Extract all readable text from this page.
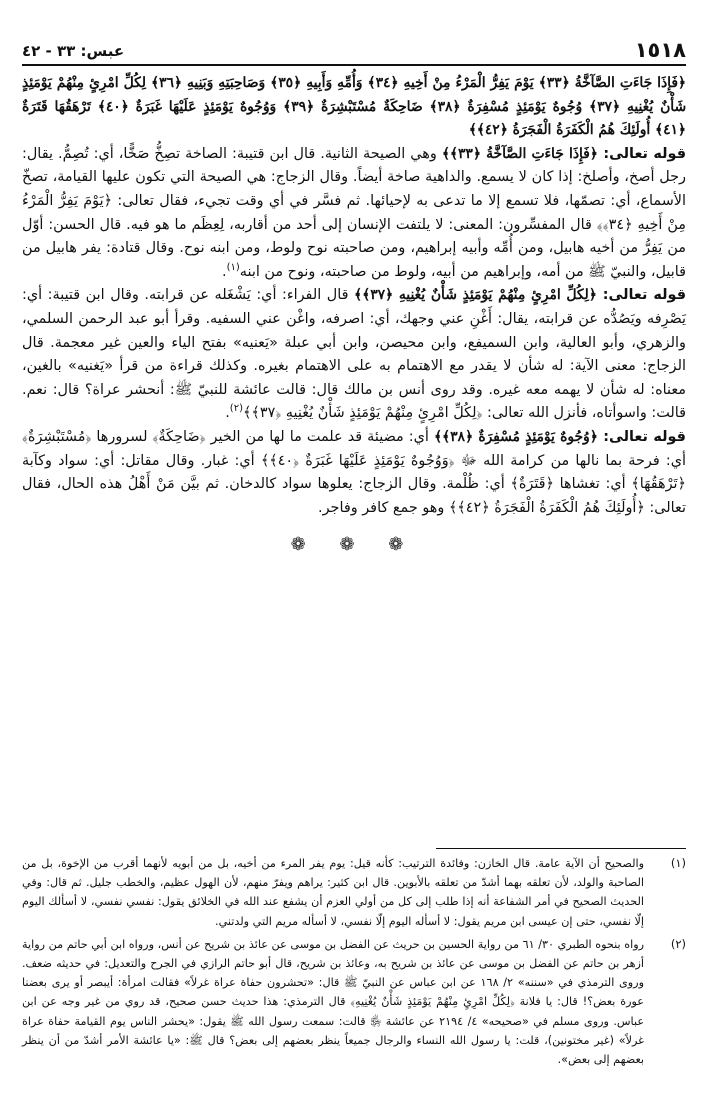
١٥١٨
عبس: ٣٣ - ٤٢

﴿فَإِذَا جَاءَتِ الصَّآخَّةُ ﴿٣٣﴾ يَوْمَ يَفِرُّ الْمَرْءُ مِنْ أَخِيهِ ﴿٣٤﴾ وَأُمِّهِ وَأَبِيهِ ﴿٣٥﴾ وَصَاحِبَتِهِ وَبَنِيهِ ﴿٣٦﴾ لِكُلِّ امْرِئٍ مِنْهُمْ يَوْمَئِذٍ شَأْنٌ يُغْنِيهِ ﴿٣٧﴾ وُجُوهٌ يَوْمَئِذٍ مُسْفِرَةٌ ﴿٣٨﴾ ضَاحِكَةٌ مُسْتَبْشِرَةٌ ﴿٣٩﴾ وَوُجُوهٌ يَوْمَئِذٍ عَلَيْهَا غَبَرَةٌ ﴿٤٠﴾ تَرْهَقُهَا قَتَرَةٌ ﴿٤١﴾ أُولَئِكَ هُمُ الْكَفَرَةُ الْفَجَرَةُ ﴿٤٢﴾﴾

قوله تعالى: ﴿فَإِذَا جَاءَتِ الصَّآخَّةُ ﴿٣٣﴾﴾ وهي الصيحة الثانية. قال ابن قتيبة: الصاخة تصِخُّ صَخًّا، أي: تُصِمُّ. يقال: رجل أصخ، وأصلخ: إذا كان لا يسمع. والداهية صاخة أيضاً. وقال الزجاج: هي الصيحة التي تكون عليها القيامة، تصخّ الأسماع، أي: تصمّها، فلا تسمع إلا ما تدعى به لإحيائها. ثم فسَّر في أي وقت تجيء، فقال تعالى: ﴿يَوْمَ يَفِرُّ الْمَرْءُ مِنْ أَخِيهِ ﴿٣٤﴾﴾ قال المفسِّرون: المعنى: لا يلتفت الإنسان إلى أحد من أقاربه، لِعِظَم ما هو فيه. قال الحسن: أوّل من يَفِرُّ من أخيه هابيل، ومن أُمِّه وأبيه إبراهيم، ومن صاحبته نوح ولوط، ومن ابنه نوح. وقال قتادة: يفر هابيل من قابيل، والنبيّ ﷺ من أمه، وإبراهيم من أبيه، ولوط من صاحبته، ونوح من ابنه$^{(١)}$.

قوله تعالى: ﴿لِكُلِّ امْرِئٍ مِنْهُمْ يَوْمَئِذٍ شَأْنٌ يُغْنِيهِ ﴿٣٧﴾﴾ قال الفراء: أي: يَشْغَله عن قرابته. وقال ابن قتيبة: أي: يَصْرِفه ويَصُدُّه عن قرابته، يقال: أَغْنِ عني وجهك، أي: اصرفه، واغْن عني السفيه. وقرأ أبو عبد الرحمن السلمي، والزهري، وأبو العالية، وابن السميفع، وابن محيصن، وابن أبي عبلة «يَعنيه» بفتح الياء والعين غير معجمة. قال الزجاج: معنى الآية: له شأن لا يقدر مع الاهتمام به على الاهتمام بغيره. وكذلك قراءة من قرأ «يَغنيه» بالغين، معناه: له شأن لا يهمه معه غيره. وقد روى أنس بن مالك قال: قالت عائشة للنبيّ ﷺ: أنحشر عراة؟ قال: نعم. قالت: واسوأتاه، فأنزل الله تعالى: ﴿لِكُلِّ امْرِئٍ مِنْهُمْ يَوْمَئِذٍ شَأْنٌ يُغْنِيهِ ﴿٣٧﴾﴾$^{(٢)}$.

قوله تعالى: ﴿وُجُوهٌ يَوْمَئِذٍ مُسْفِرَةٌ ﴿٣٨﴾﴾ أي: مضيئة قد علمت ما لها من الخير ﴿ضَاحِكَةٌ﴾ لسرورها ﴿مُسْتَبْشِرَةٌ﴾ أي: فرحة بما نالها من كرامة الله ﷻ ﴿وَوُجُوهٌ يَوْمَئِذٍ عَلَيْهَا غَبَرَةٌ ﴿٤٠﴾﴾ أي: غبار. وقال مقاتل: أي: سواد وكآبة ﴿تَرْهَقُهَا﴾ أي: تغشاها ﴿قَتَرَةٌ﴾ أي: ظُلْمة. وقال الزجاج: يعلوها سواد كالدخان. ثم بيَّن مَنْ أَهْلُ هذه الحال، فقال تعالى: ﴿أُولَئِكَ هُمُ الْكَفَرَةُ الْفَجَرَةُ ﴿٤٢﴾﴾ وهو جمع كافر وفاجر.

❁ ❁ ❁
(١)
والصحيح أن الآية عامة. قال الخازن: وفائدة الترتيب: كأنه قيل: يوم يفر المرء من أخيه، بل من أبويه لأنهما أقرب من الإخوة، بل من الصاحبة والولد، لأن تعلقه بهما أشدّ من تعلقه بالأبوين. قال ابن كثير: يراهم ويفرّ منهم، لأن الهول عظيم، والخطب جليل. ثم قال: وفي الحديث الصحيح في أمر الشفاعة أنه إذا طلب إلى كل من أولي العزم أن يشفع عند الله في الخلائق يقول: نفسي نفسي، لا أسألك اليوم إلّا نفسي، حتى إن عيسى ابن مريم يقول: لا أسأله اليوم إلّا نفسي، لا أسأله مريم التي ولدتني.
(٢)
رواه بنحوه الطبري ٣٠/ ٦١ من رواية الحسين بن حريث عن الفضل بن موسى عن عائذ بن شريح عن أنس، ورواه ابن أبي حاتم من رواية أزهر بن حاتم عن الفضل بن موسى عن عائذ بن شريح به، وعائذ بن شريح، قال أبو حاتم الرازي في الجرح والتعديل: في حديثه ضعف. وروى الترمذي في «سننه» ٢/ ١٦٨ عن ابن عباس عن النبيّ ﷺ قال: «تحشرون حفاة عراة غرلاً» فقالت امرأة: أيبصر أو يرى بعضنا عورة بعض؟! قال: يا فلانة ﴿لِكُلِّ امْرِئٍ مِنْهُمْ يَوْمَئِذٍ شَأْنٌ يُغْنِيهِ﴾ قال الترمذي: هذا حديث حسن صحيح، قد روي من غير وجه عن ابن عباس. وروى مسلم في «صحيحه» ٤/ ٢١٩٤ عن عائشة ﵂ قالت: سمعت رسول الله ﷺ يقول: «يحشر الناس يوم القيامة حفاة عراة غرلاً» (غير مختونين)، قلت: يا رسول الله النساء والرجال جميعاً ينظر بعضهم إلى بعض؟ قال ﷺ: «يا عائشة الأمر أشدّ من أن ينظر بعضهم إلى بعض».
